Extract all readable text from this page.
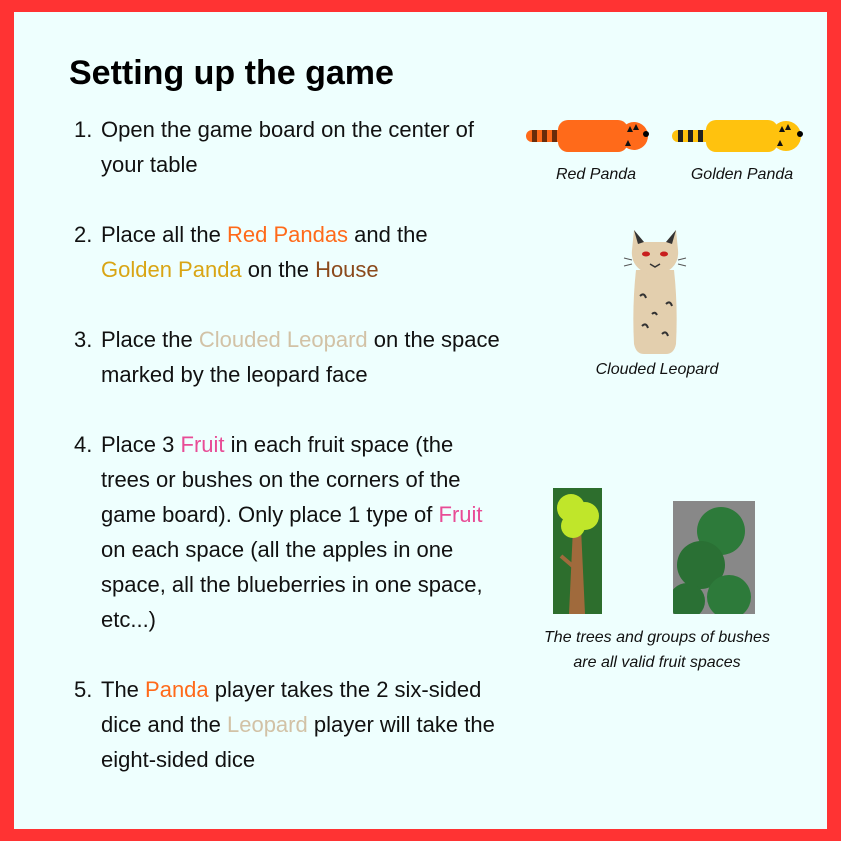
Setting up the game
1. Open the game board on the center of your table
2. Place all the Red Pandas and the Golden Panda on the House
3. Place the Clouded Leopard on the space marked by the leopard face
4. Place 3 Fruit in each fruit space (the trees or bushes on the corners of the game board). Only place 1 type of Fruit on each space (all the apples in one space, all the blueberries in one space, etc...)
5. The Panda player takes the 2 six-sided dice and the Leopard player will take the eight-sided dice
Red Panda	Golden Panda
Clouded Leopard
The trees and groups of bushes
are all valid fruit spaces
